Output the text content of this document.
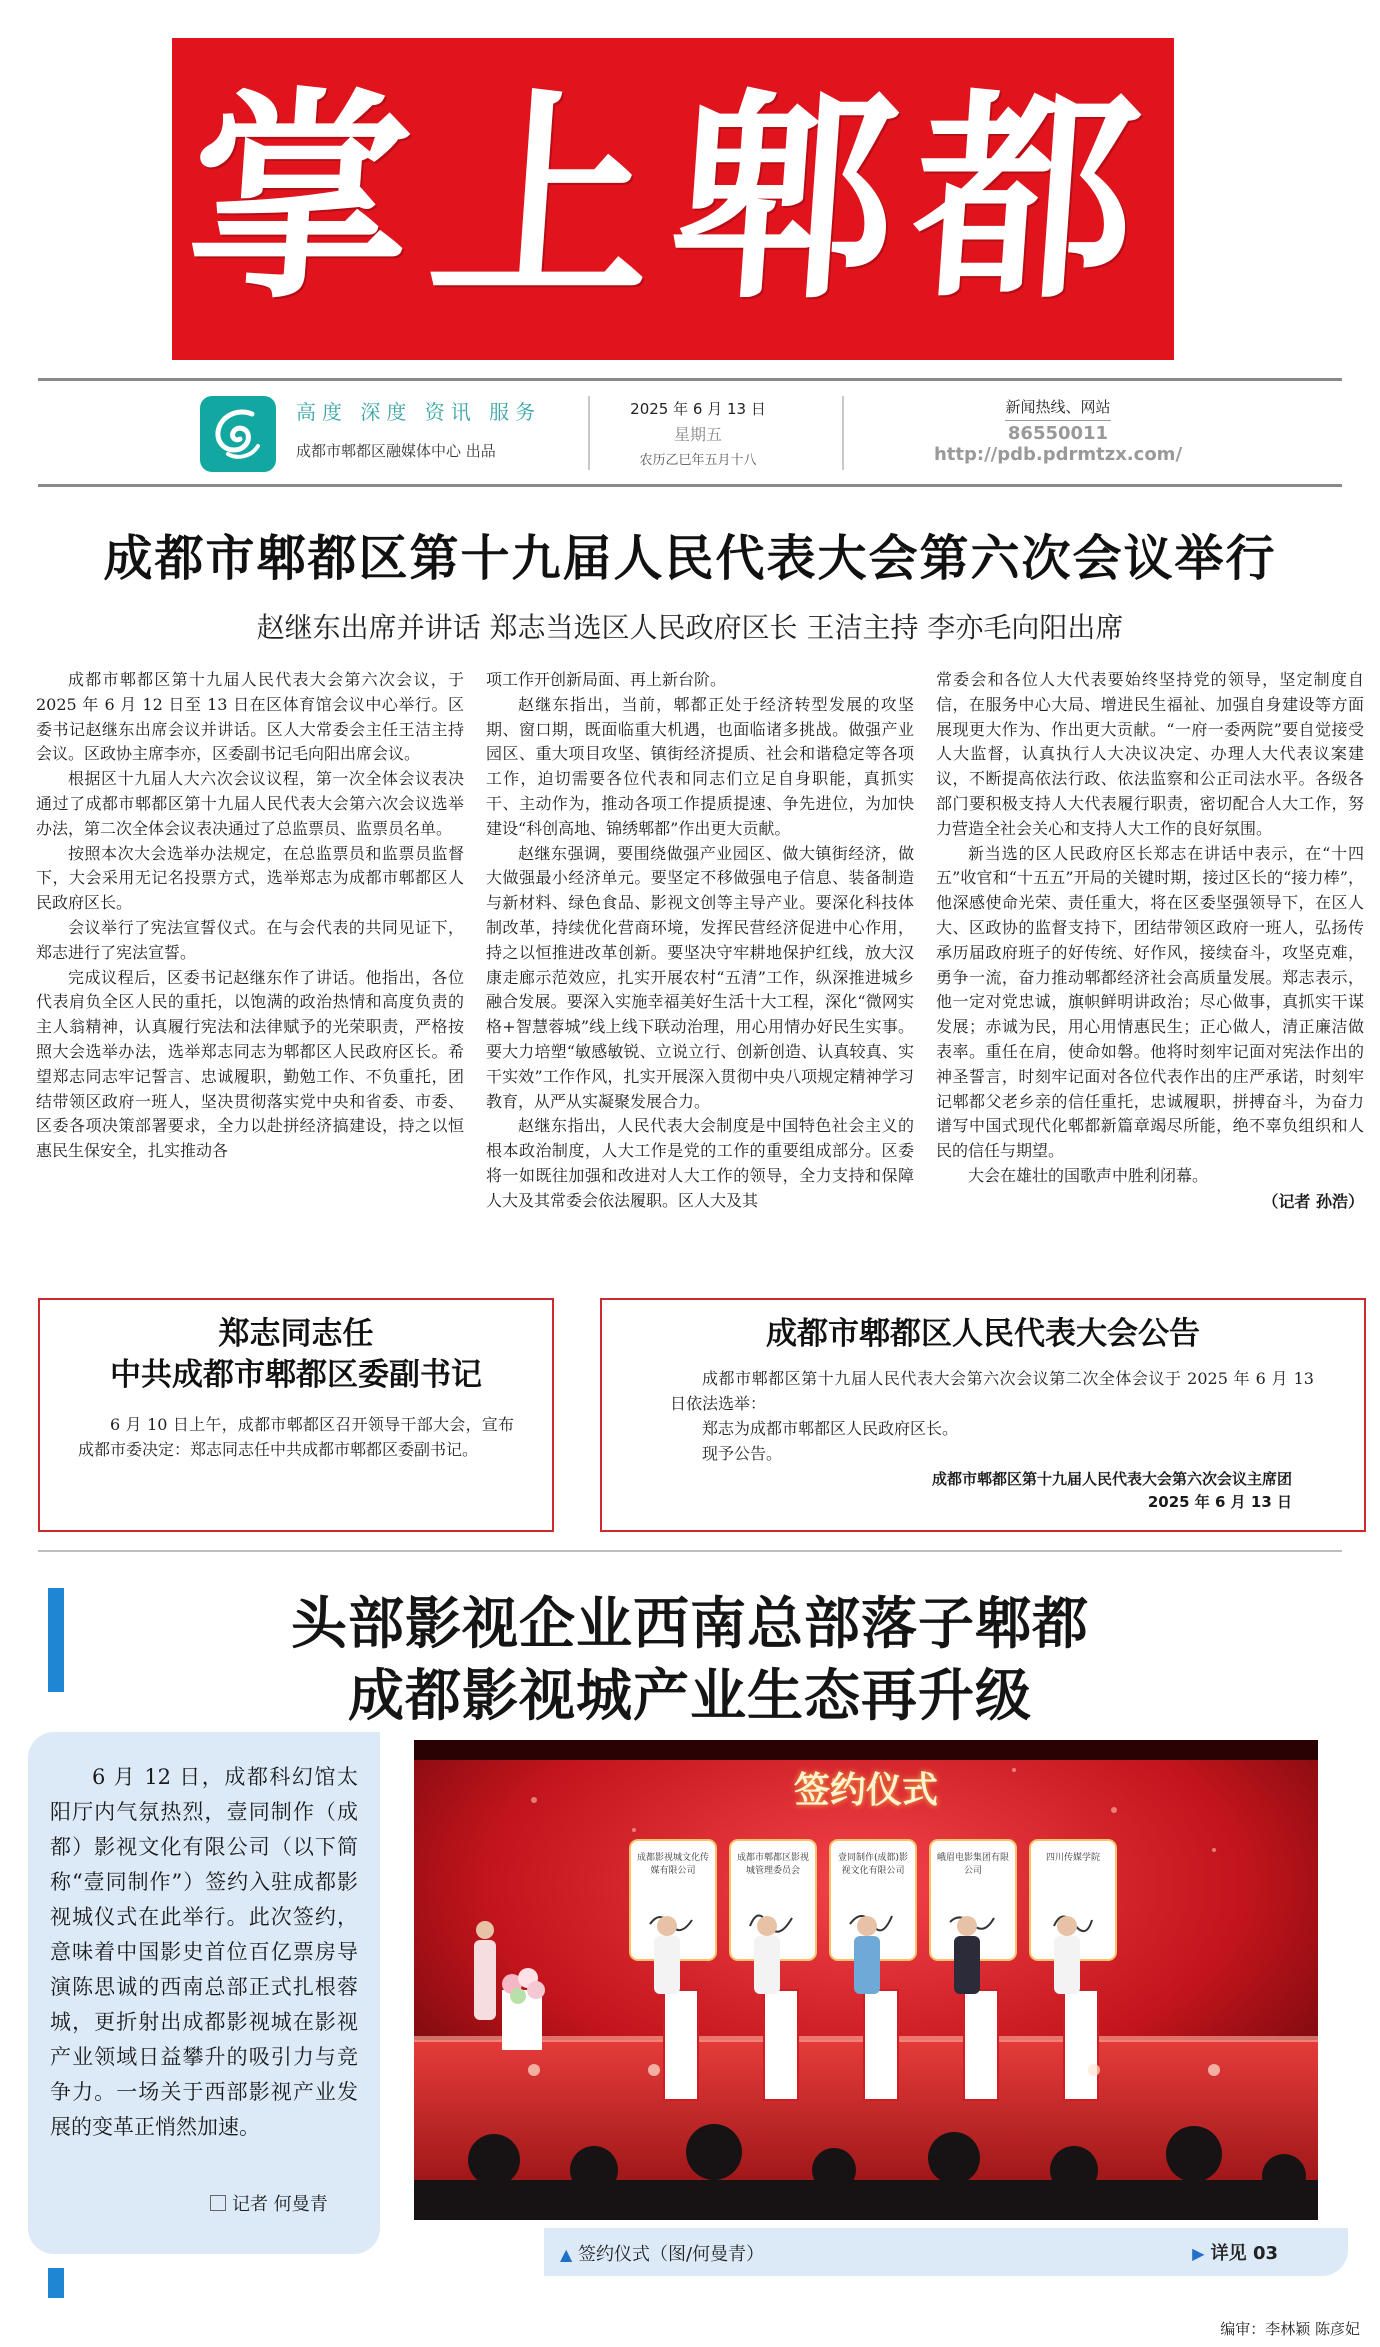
掌上郫都
高度 深度 资讯 服务
成都市郫都区融媒体中心 出品
2025 年 6 月 13 日
星期五
农历乙巳年五月十八
新闻热线、网站
86550011
http://pdb.pdrmtzx.com/
成都市郫都区第十九届人民代表大会第六次会议举行
赵继东出席并讲话 郑志当选区人民政府区长 王洁主持 李亦毛向阳出席

成都市郫都区第十九届人民代表大会第六次会议，于 2025 年 6 月 12 日至 13 日在区体育馆会议中心举行。区委书记赵继东出席会议并讲话。区人大常委会主任王洁主持会议。区政协主席李亦，区委副书记毛向阳出席会议。

根据区十九届人大六次会议议程，第一次全体会议表决通过了成都市郫都区第十九届人民代表大会第六次会议选举办法，第二次全体会议表决通过了总监票员、监票员名单。

按照本次大会选举办法规定，在总监票员和监票员监督下，大会采用无记名投票方式，选举郑志为成都市郫都区人民政府区长。

会议举行了宪法宣誓仪式。在与会代表的共同见证下，郑志进行了宪法宣誓。

完成议程后，区委书记赵继东作了讲话。他指出，各位代表肩负全区人民的重托，以饱满的政治热情和高度负责的主人翁精神，认真履行宪法和法律赋予的光荣职责，严格按照大会选举办法，选举郑志同志为郫都区人民政府区长。希望郑志同志牢记誓言、忠诚履职，勤勉工作、不负重托，团结带领区政府一班人，坚决贯彻落实党中央和省委、市委、区委各项决策部署要求，全力以赴拼经济搞建设，持之以恒惠民生保安全，扎实推动各

项工作开创新局面、再上新台阶。

赵继东指出，当前，郫都正处于经济转型发展的攻坚期、窗口期，既面临重大机遇，也面临诸多挑战。做强产业园区、重大项目攻坚、镇街经济提质、社会和谐稳定等各项工作，迫切需要各位代表和同志们立足自身职能，真抓实干、主动作为，推动各项工作提质提速、争先进位，为加快建设“科创高地、锦绣郫都”作出更大贡献。

赵继东强调，要围绕做强产业园区、做大镇街经济，做大做强最小经济单元。要坚定不移做强电子信息、装备制造与新材料、绿色食品、影视文创等主导产业。要深化科技体制改革，持续优化营商环境，发挥民营经济促进中心作用，持之以恒推进改革创新。要坚决守牢耕地保护红线，放大汉康走廊示范效应，扎实开展农村“五清”工作，纵深推进城乡融合发展。要深入实施幸福美好生活十大工程，深化“微网实格+智慧蓉城”线上线下联动治理，用心用情办好民生实事。要大力培塑“敏感敏锐、立说立行、创新创造、认真较真、实干实效”工作作风，扎实开展深入贯彻中央八项规定精神学习教育，从严从实凝聚发展合力。

赵继东指出，人民代表大会制度是中国特色社会主义的根本政治制度，人大工作是党的工作的重要组成部分。区委将一如既往加强和改进对人大工作的领导，全力支持和保障人大及其常委会依法履职。区人大及其

常委会和各位人大代表要始终坚持党的领导，坚定制度自信，在服务中心大局、增进民生福祉、加强自身建设等方面展现更大作为、作出更大贡献。“一府一委两院”要自觉接受人大监督，认真执行人大决议决定、办理人大代表议案建议，不断提高依法行政、依法监察和公正司法水平。各级各部门要积极支持人大代表履行职责，密切配合人大工作，努力营造全社会关心和支持人大工作的良好氛围。

新当选的区人民政府区长郑志在讲话中表示，在“十四五”收官和“十五五”开局的关键时期，接过区长的“接力棒”，他深感使命光荣、责任重大，将在区委坚强领导下，在区人大、区政协的监督支持下，团结带领区政府一班人，弘扬传承历届政府班子的好传统、好作风，接续奋斗，攻坚克难，勇争一流，奋力推动郫都经济社会高质量发展。郑志表示，他一定对党忠诚，旗帜鲜明讲政治；尽心做事，真抓实干谋发展；赤诚为民，用心用情惠民生；正心做人，清正廉洁做表率。重任在肩，使命如磐。他将时刻牢记面对宪法作出的神圣誓言，时刻牢记面对各位代表作出的庄严承诺，时刻牢记郫都父老乡亲的信任重托，忠诚履职，拼搏奋斗，为奋力谱写中国式现代化郫都新篇章竭尽所能，绝不辜负组织和人民的信任与期望。

大会在雄壮的国歌声中胜利闭幕。

（记者 孙浩）
郑志同志任
中共成都市郫都区委副书记

6 月 10 日上午，成都市郫都区召开领导干部大会，宣布成都市委决定：郑志同志任中共成都市郫都区委副书记。

成都市郫都区人民代表大会公告

成都市郫都区第十九届人民代表大会第六次会议第二次全体会议于 2025 年 6 月 13 日依法选举：

郑志为成都市郫都区人民政府区长。

现予公告。

成都市郫都区第十九届人民代表大会第六次会议主席团
2025 年 6 月 13 日
头部影视企业西南总部落子郫都
成都影视城产业生态再升级

6 月 12 日，成都科幻馆太阳厅内气氛热烈，壹同制作（成都）影视文化有限公司（以下简称“壹同制作”）签约入驻成都影视城仪式在此举行。此次签约，意味着中国影史首位百亿票房导演陈思诚的西南总部正式扎根蓉城，更折射出成都影视城在影视产业领域日益攀升的吸引力与竞争力。一场关于西部影视产业发展的变革正悄然加速。

记者 何曼青
签约仪式
成都影视城文化传媒有限公司
成都市郫都区影视城管理委员会
壹同制作(成都)影视文化有限公司
峨眉电影集团有限公司
四川传媒学院
▲ 签约仪式（图/何曼青）	▶ 详见 03
编审：李林颖 陈彦妃
